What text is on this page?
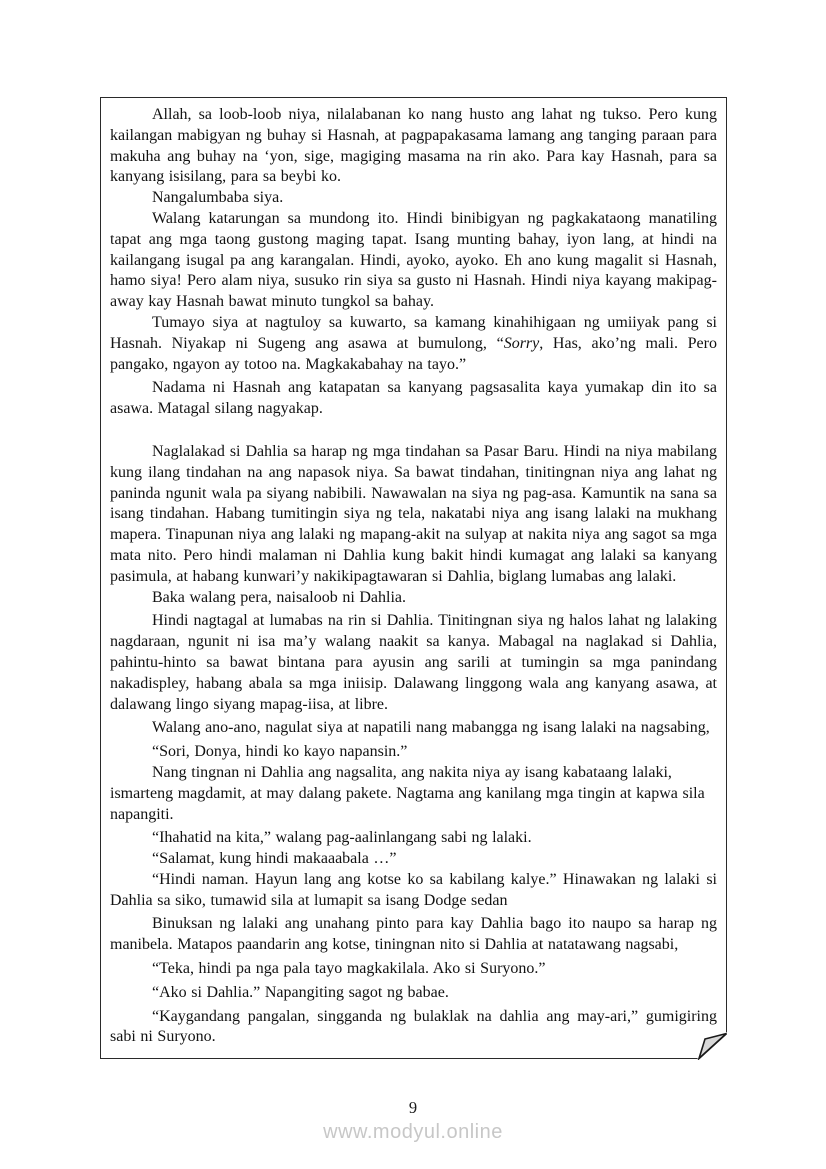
Allah, sa loob-loob niya, nilalabanan ko nang husto ang lahat ng tukso. Pero kung kailangan mabigyan ng buhay si Hasnah, at pagpapakasama lamang ang tanging paraan para makuha ang buhay na ‘yon, sige, magiging masama na rin ako. Para kay Hasnah, para sa kanyang isisilang, para sa beybi ko.

Nangalumbaba siya.

Walang katarungan sa mundong ito. Hindi binibigyan ng pagkakataong manatiling tapat ang mga taong gustong maging tapat. Isang munting bahay, iyon lang, at hindi na kailangang isugal pa ang karangalan. Hindi, ayoko, ayoko. Eh ano kung magalit si Hasnah, hamo siya! Pero alam niya, susuko rin siya sa gusto ni Hasnah. Hindi niya kayang makipag-away kay Hasnah bawat minuto tungkol sa bahay.

Tumayo siya at nagtuloy sa kuwarto, sa kamang kinahihigaan ng umiiyak pang si Hasnah. Niyakap ni Sugeng ang asawa at bumulong, “Sorry, Has, ako’ng mali. Pero pangako, ngayon ay totoo na. Magkakabahay na tayo.”

Nadama ni Hasnah ang katapatan sa kanyang pagsasalita kaya yumakap din ito sa asawa. Matagal silang nagyakap.

Naglalakad si Dahlia sa harap ng mga tindahan sa Pasar Baru. Hindi na niya mabilang kung ilang tindahan na ang napasok niya. Sa bawat tindahan, tinitingnan niya ang lahat ng paninda ngunit wala pa siyang nabibili. Nawawalan na siya ng pag-asa. Kamuntik na sana sa isang tindahan. Habang tumitingin siya ng tela, nakatabi niya ang isang lalaki na mukhang mapera. Tinapunan niya ang lalaki ng mapang-akit na sulyap at nakita niya ang sagot sa mga mata nito. Pero hindi malaman ni Dahlia kung bakit hindi kumagat ang lalaki sa kanyang pasimula, at habang kunwari’y nakikipagtawaran si Dahlia, biglang lumabas ang lalaki.

Baka walang pera, naisaloob ni Dahlia.

Hindi nagtagal at lumabas na rin si Dahlia. Tinitingnan siya ng halos lahat ng lalaking nagdaraan, ngunit ni isa ma’y walang naakit sa kanya. Mabagal na naglakad si Dahlia, pahintu-hinto sa bawat bintana para ayusin ang sarili at tumingin sa mga panindang nakadispley, habang abala sa mga iniisip. Dalawang linggong wala ang kanyang asawa, at dalawang lingo siyang mapag-iisa, at libre.

Walang ano-ano, nagulat siya at napatili nang mabangga ng isang lalaki na nagsabing,

“Sori, Donya, hindi ko kayo napansin.”

Nang tingnan ni Dahlia ang nagsalita, ang nakita niya ay isang kabataang lalaki,
ismarteng magdamit, at may dalang pakete. Nagtama ang kanilang mga tingin at kapwa sila
napangiti.

“Ihahatid na kita,” walang pag-aalinlangang sabi ng lalaki.

“Salamat, kung hindi makaaabala …”

“Hindi naman. Hayun lang ang kotse ko sa kabilang kalye.” Hinawakan ng lalaki si Dahlia sa siko, tumawid sila at lumapit sa isang Dodge sedan

Binuksan ng lalaki ang unahang pinto para kay Dahlia bago ito naupo sa harap ng manibela. Matapos paandarin ang kotse, tiningnan nito si Dahlia at natatawang nagsabi,

“Teka, hindi pa nga pala tayo magkakilala. Ako si Suryono.”

“Ako si Dahlia.” Napangiting sagot ng babae.

“Kaygandang pangalan, singganda ng bulaklak na dahlia ang may-ari,” gumigiring sabi ni Suryono.

9
www.modyul.online
